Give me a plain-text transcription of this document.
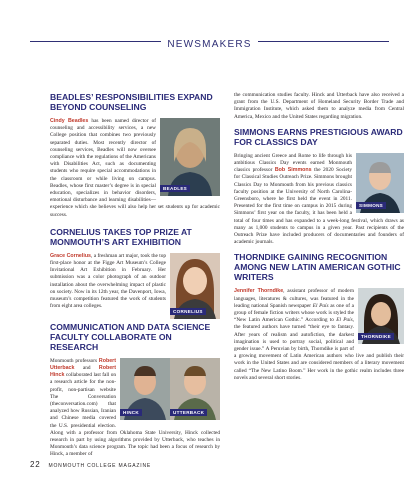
NEWSMAKERS
BEADLES’ RESPONSIBILITIES EXPAND BEYOND COUNSELING
BEADLES

Cindy Beadles has been named director of counseling and accessibility services, a new College position that combines two previously separated duties. Most recently director of counseling services, Beadles will now oversee compliance with the regulations of the Americans with Disabilities Act, such as documenting students who require special accommodations in the classroom or while living on campus. Beadles, whose first master’s degree is in special education, specializes in behavior disorders, emotional disturbance and learning disabilities—experience which she believes will also help her set students up for academic success.

CORNELIUS TAKES TOP PRIZE AT MONMOUTH’S ART EXHIBITION
CORNELIUS

Grace Cornelius, a freshman art major, took the top first-place honor at the Figge Art Museum’s College Invitational Art Exhibition in February. Her submission was a color photograph of an outdoor installation about the overwhelming impact of plastic on society. Now in its 12th year, the Davenport, Iowa, museum’s competition featured the work of students from eight area colleges.

COMMUNICATION AND DATA SCIENCE FACULTY COLLABORATE ON RESEARCH
HINCK	UTTERBACK

Monmouth professors Robert Utterback and Robert Hinck collaborated last fall on a research article for the non-profit, non-partisan website The Conversation (theconversation.com) that analyzed how Russian, Iranian and Chinese media covered the U.S. presidential election. Along with a professor from Oklahoma State University, Hinck collected research in part by using algorithms provided by Utterback, who teaches in Monmouth’s data science program. The topic had been a focus of research by Hinck, a member of

the communication studies faculty. Hinck and Utterback have also received a grant from the U.S. Department of Homeland Security Border Trade and Immigration Institute, which asked them to analyze media from Central America, Mexico and the United States regarding migration.

SIMMONS EARNS PRESTIGIOUS AWARD FOR CLASSICS DAY
SIMMONS

Bringing ancient Greece and Rome to life through his ambitious Classics Day events earned Monmouth classics professor Bob Simmons the 2020 Society for Classical Studies Outreach Prize. Simmons brought Classics Day to Monmouth from his previous classics faculty position at the University of North Carolina-Greensboro, where he first held the event in 2011. Presented for the first time on campus in 2015 during Simmons’ first year on the faculty, it has been held a total of four times and has expanded to a week-long festival, which draws as many as 1,000 students to campus in a given year. Past recipients of the Outreach Prize have included producers of documentaries and founders of academic journals.

THORNDIKE GAINING RECOGNITION AMONG NEW LATIN AMERICAN GOTHIC WRITERS
THORNDIKE

Jennifer Thorndike, assistant professor of modern languages, literatures & cultures, was featured in the leading national Spanish newspaper El País as one of a group of female fiction writers whose work is styled the “New Latin American Gothic.” According to El País, the featured authors have turned “their eye to fantasy. After years of realism and autofiction, the darkest imagination is used to portray social, political and gender issue.” A Peruvian by birth, Thorndike is part of a growing movement of Latin American authors who live and publish their work in the United States and are considered members of a literary movement called “The New Latino Boom.” Her work in the gothic realm includes three novels and several short stories.

22 MONMOUTH COLLEGE MAGAZINE
